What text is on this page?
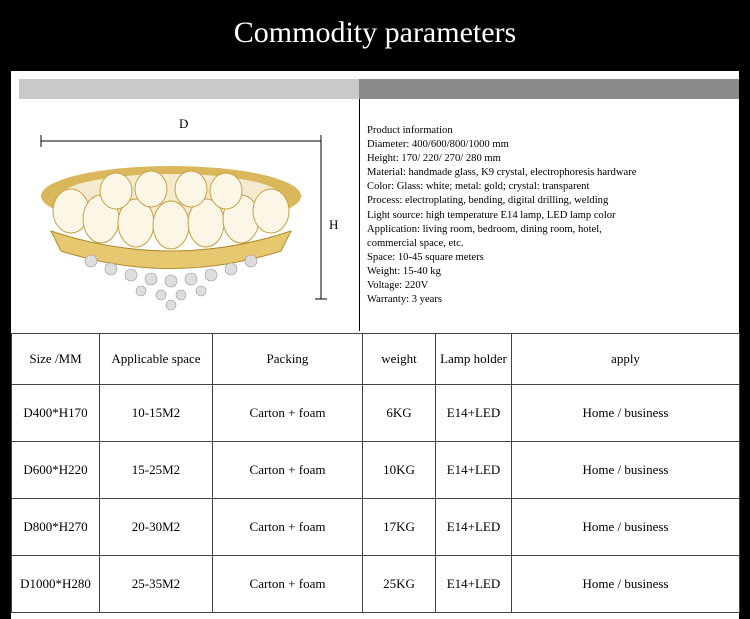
Commodity parameters
D
H
Product information
Diameter: 400/600/800/1000 mm
Height: 170/ 220/ 270/ 280 mm
Material: handmade glass, K9 crystal, electrophoresis hardware
Color: Glass: white; metal: gold; crystal: transparent
Process: electroplating, bending, digital drilling, welding
Light source: high temperature E14 lamp, LED lamp color
Application: living room, bedroom, dining room, hotel,
commercial space, etc.
Space: 10-45 square meters
Weight: 15-40 kg
Voltage: 220V
Warranty: 3 years
Size /MM	Applicable space	Packing	weight	Lamp holder	apply
D400*H170	10-15M2	Carton + foam	6KG	E14+LED	Home / business
D600*H220	15-25M2	Carton + foam	10KG	E14+LED	Home / business
D800*H270	20-30M2	Carton + foam	17KG	E14+LED	Home / business
D1000*H280	25-35M2	Carton + foam	25KG	E14+LED	Home / business
